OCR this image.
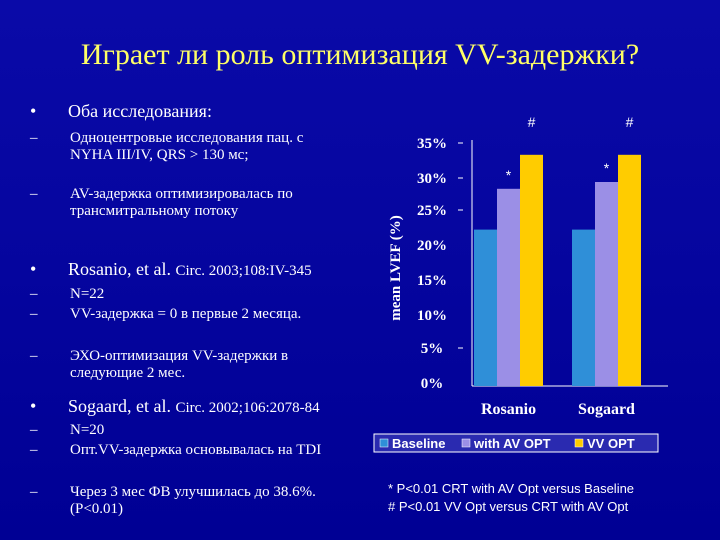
Играет ли роль оптимизация VV-задержки?
• Оба исследования:
– Одноцентровые исследования пац. с NYHA III/IV, QRS > 130 мс;
– AV-задержка оптимизировалась по трансмитральному потоку
• Rosanio, et al. Circ. 2003;108:IV-345
– N=22
– VV-задержка = 0 в первые 2 месяца.
– ЭХО-оптимизация VV-задержки в следующие 2 мес.
• Sogaard, et al. Circ. 2002;106:2078-84
– N=20
– Опт.VV-задержка основывалась на TDI
– Через 3 мес ФВ улучшилась до 38.6%. (P<0.01)
35%
30%
25%
20%
15%
10%
5%
0%
mean LVEF (%)
Rosanio	Sogaard
*
#
*
#
Baseline with AV OPT	VV OPT
* P<0.01 CRT with AV Opt versus Baseline
# P<0.01 VV Opt versus CRT with AV Opt
